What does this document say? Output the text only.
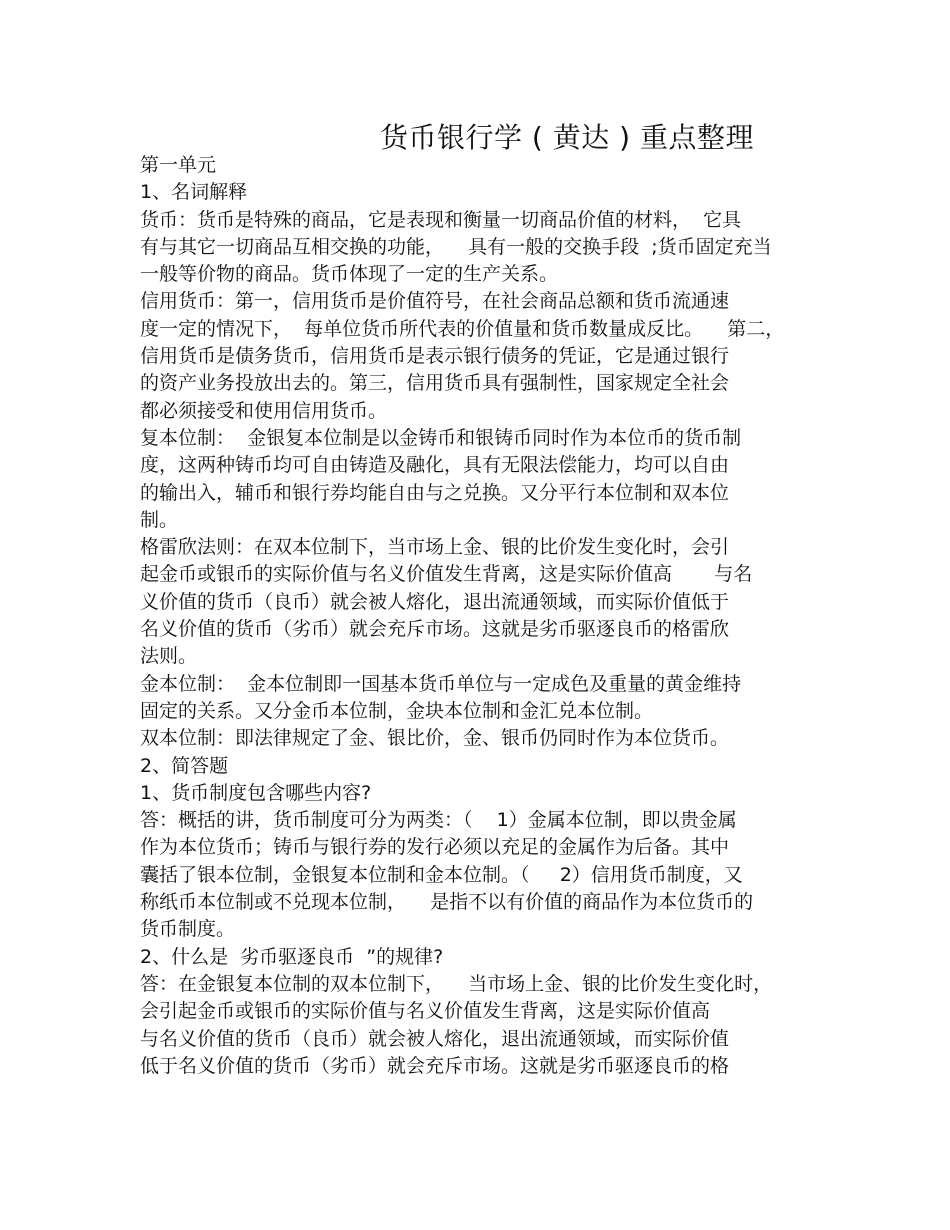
货币银行学 ( 黄达 ) 重点整理
第一单元
1、名词解释
货币：货币是特殊的商品，它是表现和衡量一切商品价值的材料，  它具
有与其它一切商品互相交换的功能，    具有一般的交换手段  ;货币固定充当
一般等价物的商品。货币体现了一定的生产关系。
信用货币：第一，信用货币是价值符号，在社会商品总额和货币流通速
度一定的情况下，  每单位货币所代表的价值量和货币数量成反比。    第二，
信用货币是债务货币，信用货币是表示银行债务的凭证，它是通过银行
的资产业务投放出去的。第三，信用货币具有强制性，国家规定全社会
都必须接受和使用信用货币。
复本位制：  金银复本位制是以金铸币和银铸币同时作为本位币的货币制
度，这两种铸币均可自由铸造及融化，具有无限法偿能力，均可以自由
的输出入，辅币和银行券均能自由与之兑换。又分平行本位制和双本位
制。
格雷欣法则：在双本位制下，当市场上金、银的比价发生变化时，会引
起金币或银币的实际价值与名义价值发生背离，这是实际价值高       与名
义价值的货币（良币）就会被人熔化，退出流通领域，而实际价值低于
名义价值的货币（劣币）就会充斥市场。这就是劣币驱逐良币的格雷欣
法则。
金本位制：  金本位制即一国基本货币单位与一定成色及重量的黄金维持
固定的关系。又分金币本位制，金块本位制和金汇兑本位制。
双本位制：即法律规定了金、银比价，金、银币仍同时作为本位货币。
2、简答题
1、货币制度包含哪些内容?
答：概括的讲，货币制度可分为两类：（    1）金属本位制，即以贵金属
作为本位货币；铸币与银行券的发行必须以充足的金属作为后备。其中
囊括了银本位制，金银复本位制和金本位制。（     2）信用货币制度，又
称纸币本位制或不兑现本位制，    是指不以有价值的商品作为本位货币的
货币制度。
2、什么是  劣币驱逐良币  ”的规律?
答：在金银复本位制的双本位制下，    当市场上金、银的比价发生变化时，
会引起金币或银币的实际价值与名义价值发生背离，这是实际价值高
与名义价值的货币（良币）就会被人熔化，退出流通领域，而实际价值
低于名义价值的货币（劣币）就会充斥市场。这就是劣币驱逐良币的格
